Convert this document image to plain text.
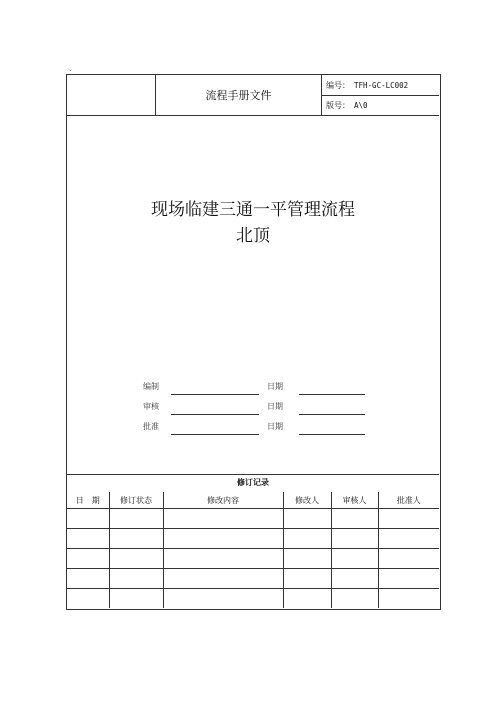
ˇ
流程手册文件
编号： TFH-GC-LC002
版号： A\0
现场临建三通一平管理流程
北顶
编制	日期
审核	日期
批准	日期
修订记录
日　期	修订状态	修改内容	修改人	审核人	批准人
